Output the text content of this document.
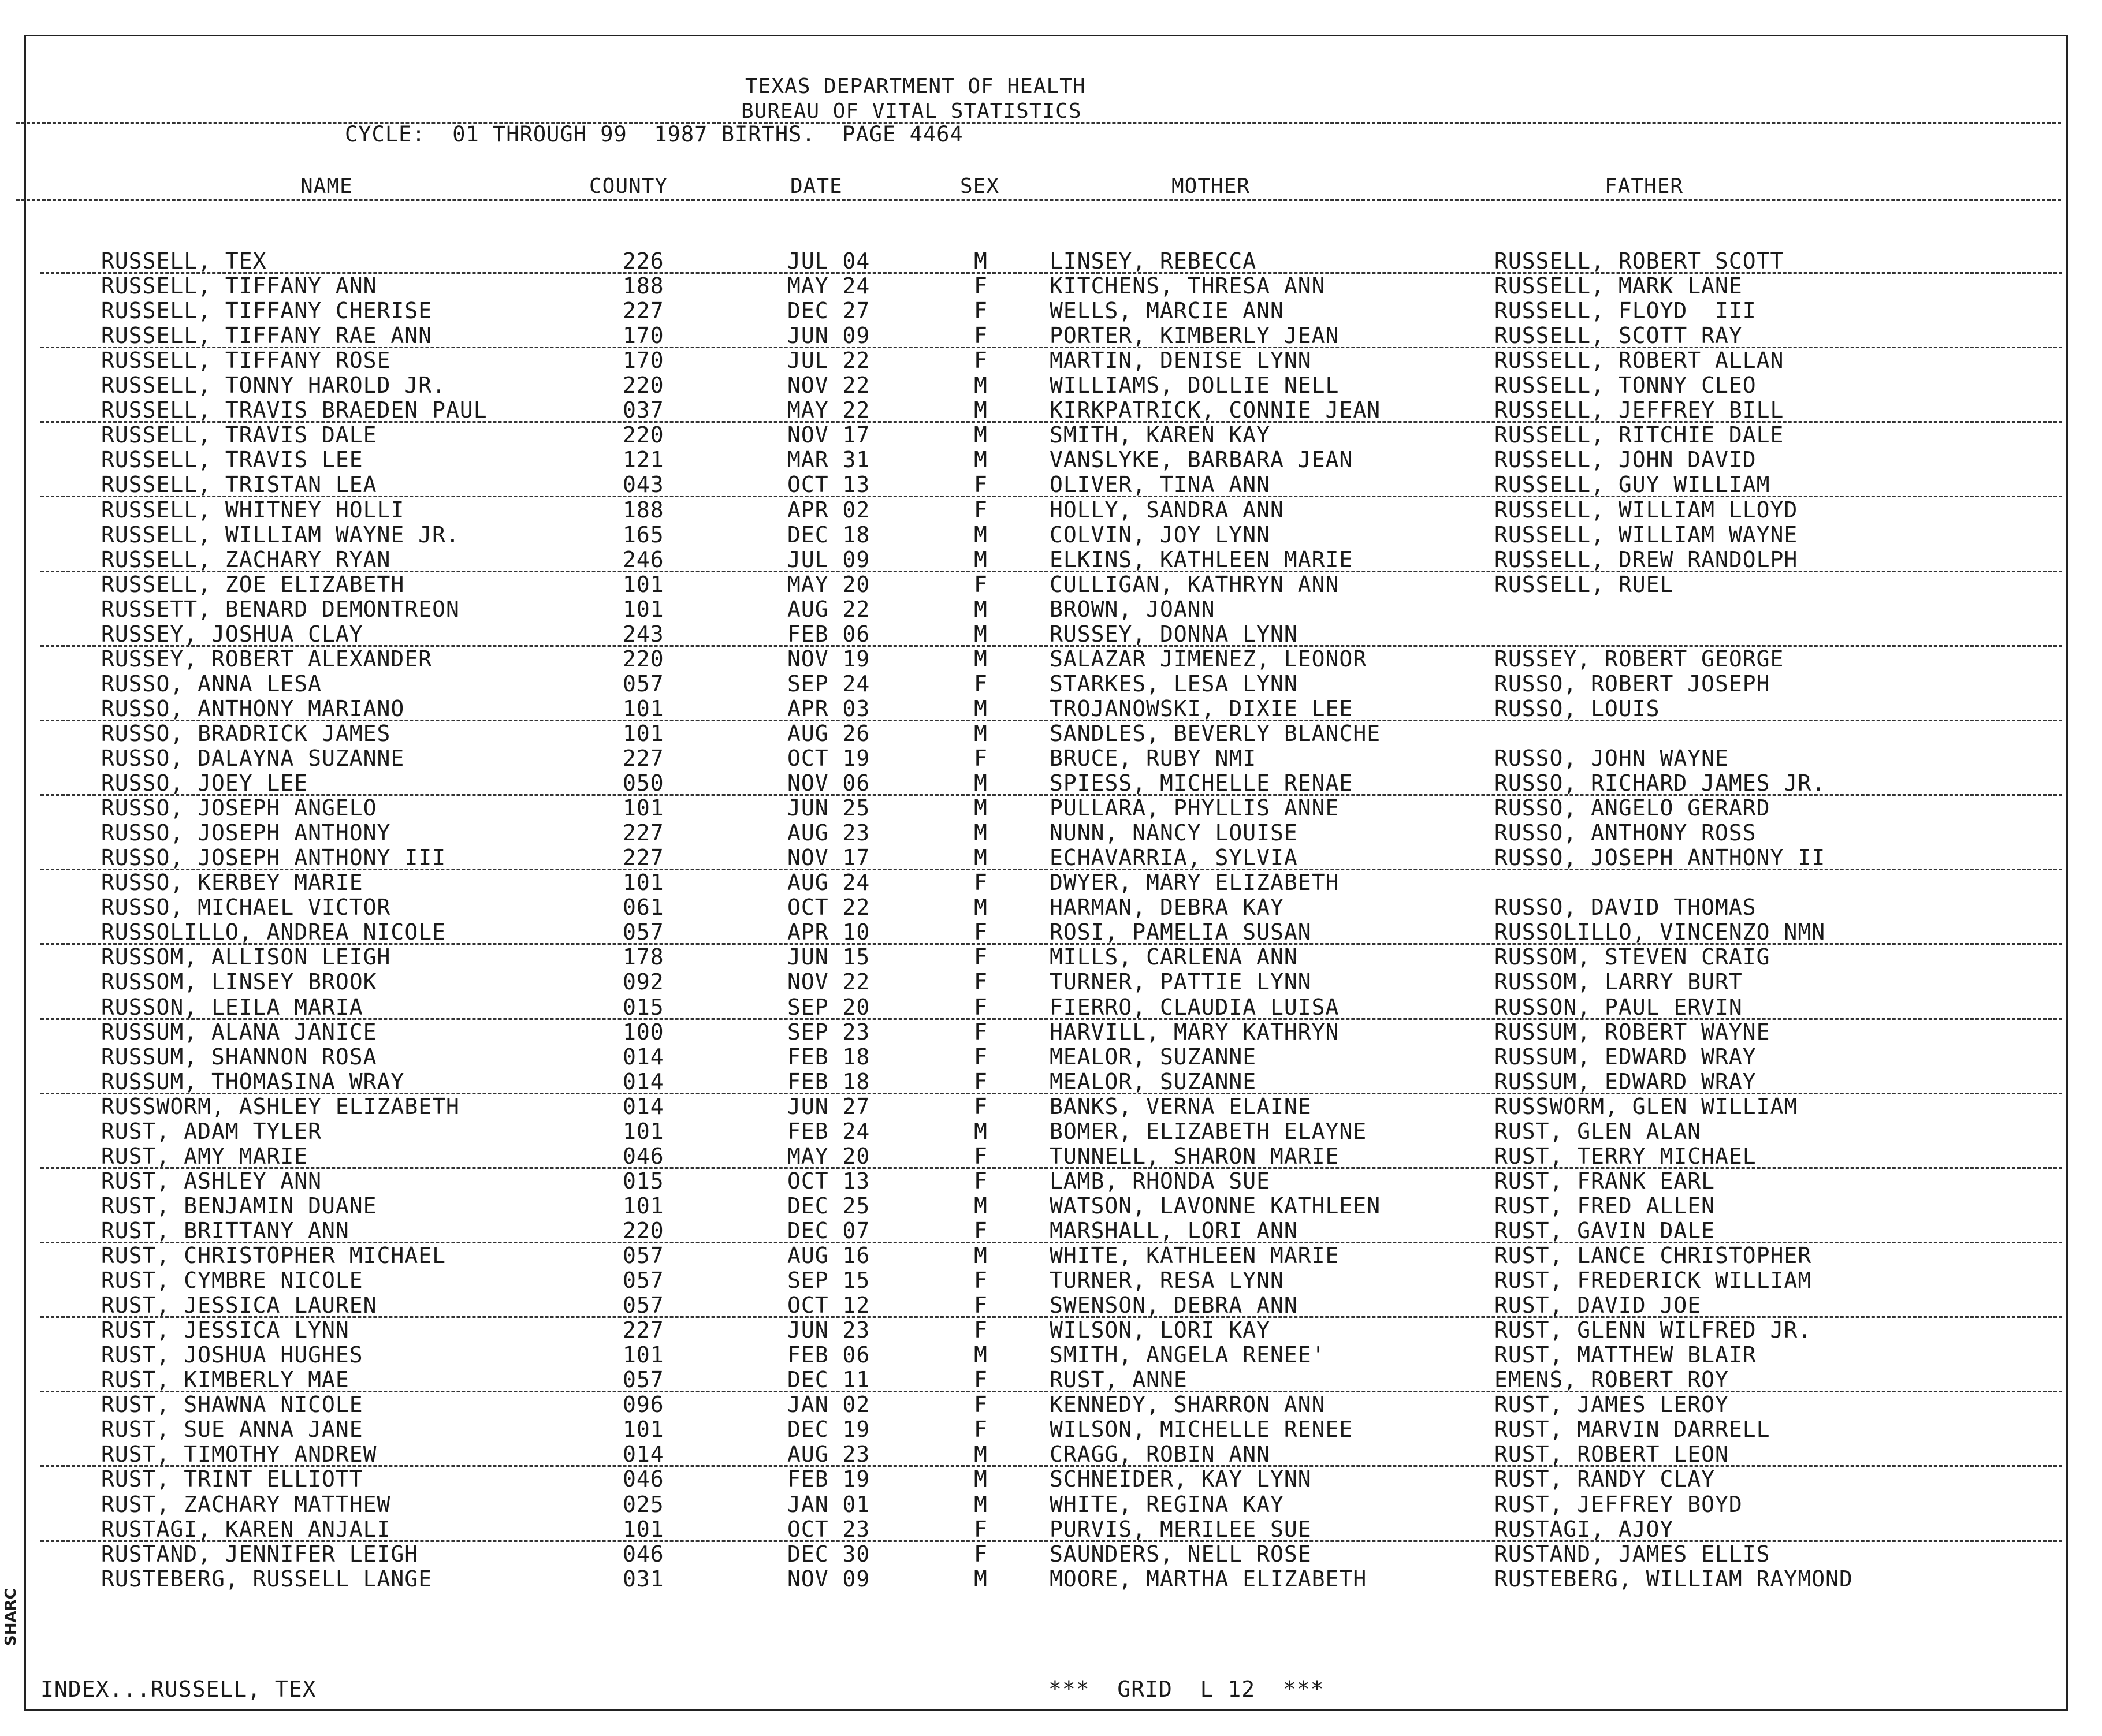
TEXAS DEPARTMENT OF HEALTH
BUREAU OF VITAL STATISTICS
CYCLE:  01 THROUGH 99  1987 BIRTHS.  PAGE 4464
NAME	COUNTY	DATE	SEX	MOTHER	FATHER
RUSSELL, TEX	226	JUL 04	M	LINSEY, REBECCA	RUSSELL, ROBERT SCOTT
RUSSELL, TIFFANY ANN	188	MAY 24	F	KITCHENS, THRESA ANN	RUSSELL, MARK LANE
RUSSELL, TIFFANY CHERISE	227	DEC 27	F	WELLS, MARCIE ANN	RUSSELL, FLOYD  III
RUSSELL, TIFFANY RAE ANN	170	JUN 09	F	PORTER, KIMBERLY JEAN	RUSSELL, SCOTT RAY
RUSSELL, TIFFANY ROSE	170	JUL 22	F	MARTIN, DENISE LYNN	RUSSELL, ROBERT ALLAN
RUSSELL, TONNY HAROLD JR.	220	NOV 22	M	WILLIAMS, DOLLIE NELL	RUSSELL, TONNY CLEO
RUSSELL, TRAVIS BRAEDEN PAUL	037	MAY 22	M	KIRKPATRICK, CONNIE JEAN	RUSSELL, JEFFREY BILL
RUSSELL, TRAVIS DALE	220	NOV 17	M	SMITH, KAREN KAY	RUSSELL, RITCHIE DALE
RUSSELL, TRAVIS LEE	121	MAR 31	M	VANSLYKE, BARBARA JEAN	RUSSELL, JOHN DAVID
RUSSELL, TRISTAN LEA	043	OCT 13	F	OLIVER, TINA ANN	RUSSELL, GUY WILLIAM
RUSSELL, WHITNEY HOLLI	188	APR 02	F	HOLLY, SANDRA ANN	RUSSELL, WILLIAM LLOYD
RUSSELL, WILLIAM WAYNE JR.	165	DEC 18	M	COLVIN, JOY LYNN	RUSSELL, WILLIAM WAYNE
RUSSELL, ZACHARY RYAN	246	JUL 09	M	ELKINS, KATHLEEN MARIE	RUSSELL, DREW RANDOLPH
RUSSELL, ZOE ELIZABETH	101	MAY 20	F	CULLIGAN, KATHRYN ANN	RUSSELL, RUEL
RUSSETT, BENARD DEMONTREON	101	AUG 22	M	BROWN, JOANN
RUSSEY, JOSHUA CLAY	243	FEB 06	M	RUSSEY, DONNA LYNN
RUSSEY, ROBERT ALEXANDER	220	NOV 19	M	SALAZAR JIMENEZ, LEONOR	RUSSEY, ROBERT GEORGE
RUSSO, ANNA LESA	057	SEP 24	F	STARKES, LESA LYNN	RUSSO, ROBERT JOSEPH
RUSSO, ANTHONY MARIANO	101	APR 03	M	TROJANOWSKI, DIXIE LEE	RUSSO, LOUIS
RUSSO, BRADRICK JAMES	101	AUG 26	M	SANDLES, BEVERLY BLANCHE
RUSSO, DALAYNA SUZANNE	227	OCT 19	F	BRUCE, RUBY NMI	RUSSO, JOHN WAYNE
RUSSO, JOEY LEE	050	NOV 06	M	SPIESS, MICHELLE RENAE	RUSSO, RICHARD JAMES JR.
RUSSO, JOSEPH ANGELO	101	JUN 25	M	PULLARA, PHYLLIS ANNE	RUSSO, ANGELO GERARD
RUSSO, JOSEPH ANTHONY	227	AUG 23	M	NUNN, NANCY LOUISE	RUSSO, ANTHONY ROSS
RUSSO, JOSEPH ANTHONY III	227	NOV 17	M	ECHAVARRIA, SYLVIA	RUSSO, JOSEPH ANTHONY II
RUSSO, KERBEY MARIE	101	AUG 24	F	DWYER, MARY ELIZABETH
RUSSO, MICHAEL VICTOR	061	OCT 22	M	HARMAN, DEBRA KAY	RUSSO, DAVID THOMAS
RUSSOLILLO, ANDREA NICOLE	057	APR 10	F	ROSI, PAMELIA SUSAN	RUSSOLILLO, VINCENZO NMN
RUSSOM, ALLISON LEIGH	178	JUN 15	F	MILLS, CARLENA ANN	RUSSOM, STEVEN CRAIG
RUSSOM, LINSEY BROOK	092	NOV 22	F	TURNER, PATTIE LYNN	RUSSOM, LARRY BURT
RUSSON, LEILA MARIA	015	SEP 20	F	FIERRO, CLAUDIA LUISA	RUSSON, PAUL ERVIN
RUSSUM, ALANA JANICE	100	SEP 23	F	HARVILL, MARY KATHRYN	RUSSUM, ROBERT WAYNE
RUSSUM, SHANNON ROSA	014	FEB 18	F	MEALOR, SUZANNE	RUSSUM, EDWARD WRAY
RUSSUM, THOMASINA WRAY	014	FEB 18	F	MEALOR, SUZANNE	RUSSUM, EDWARD WRAY
RUSSWORM, ASHLEY ELIZABETH	014	JUN 27	F	BANKS, VERNA ELAINE	RUSSWORM, GLEN WILLIAM
RUST, ADAM TYLER	101	FEB 24	M	BOMER, ELIZABETH ELAYNE	RUST, GLEN ALAN
RUST, AMY MARIE	046	MAY 20	F	TUNNELL, SHARON MARIE	RUST, TERRY MICHAEL
RUST, ASHLEY ANN	015	OCT 13	F	LAMB, RHONDA SUE	RUST, FRANK EARL
RUST, BENJAMIN DUANE	101	DEC 25	M	WATSON, LAVONNE KATHLEEN	RUST, FRED ALLEN
RUST, BRITTANY ANN	220	DEC 07	F	MARSHALL, LORI ANN	RUST, GAVIN DALE
RUST, CHRISTOPHER MICHAEL	057	AUG 16	M	WHITE, KATHLEEN MARIE	RUST, LANCE CHRISTOPHER
RUST, CYMBRE NICOLE	057	SEP 15	F	TURNER, RESA LYNN	RUST, FREDERICK WILLIAM
RUST, JESSICA LAUREN	057	OCT 12	F	SWENSON, DEBRA ANN	RUST, DAVID JOE
RUST, JESSICA LYNN	227	JUN 23	F	WILSON, LORI KAY	RUST, GLENN WILFRED JR.
RUST, JOSHUA HUGHES	101	FEB 06	M	SMITH, ANGELA RENEE'	RUST, MATTHEW BLAIR
RUST, KIMBERLY MAE	057	DEC 11	F	RUST, ANNE	EMENS, ROBERT ROY
RUST, SHAWNA NICOLE	096	JAN 02	F	KENNEDY, SHARRON ANN	RUST, JAMES LEROY
RUST, SUE ANNA JANE	101	DEC 19	F	WILSON, MICHELLE RENEE	RUST, MARVIN DARRELL
RUST, TIMOTHY ANDREW	014	AUG 23	M	CRAGG, ROBIN ANN	RUST, ROBERT LEON
RUST, TRINT ELLIOTT	046	FEB 19	M	SCHNEIDER, KAY LYNN	RUST, RANDY CLAY
RUST, ZACHARY MATTHEW	025	JAN 01	M	WHITE, REGINA KAY	RUST, JEFFREY BOYD
RUSTAGI, KAREN ANJALI	101	OCT 23	F	PURVIS, MERILEE SUE	RUSTAGI, AJOY
RUSTAND, JENNIFER LEIGH	046	DEC 30	F	SAUNDERS, NELL ROSE	RUSTAND, JAMES ELLIS
RUSTEBERG, RUSSELL LANGE	031	NOV 09	M	MOORE, MARTHA ELIZABETH	RUSTEBERG, WILLIAM RAYMOND
INDEX...RUSSELL, TEX	***  GRID  L 12  ***
SHARC
